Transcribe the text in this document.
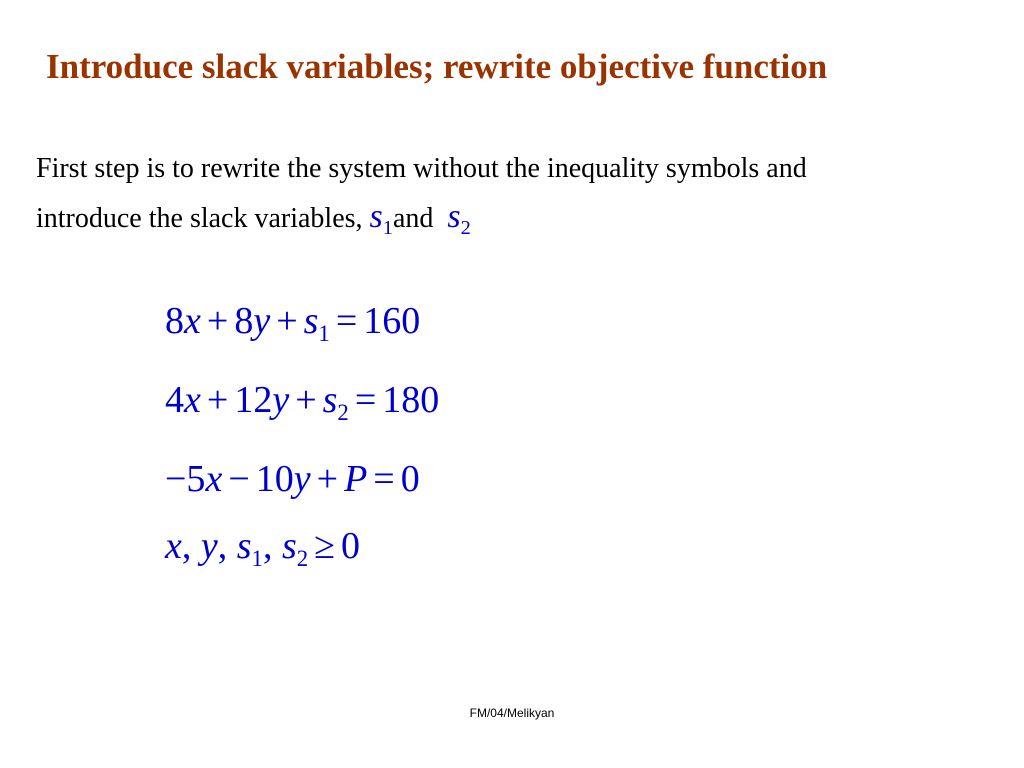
Introduce slack variables; rewrite objective function

First step is to rewrite the system without the inequality symbols and

introduce the slack variables, $s_1and$ $s_2$

$8x + 8y + s_1 = 160$
$4x + 12y + s_2 = 180$
−5x − 10y + P = 0
x, y, $s_1$, $s_2 \ge 0$
FM/04/Melikyan
